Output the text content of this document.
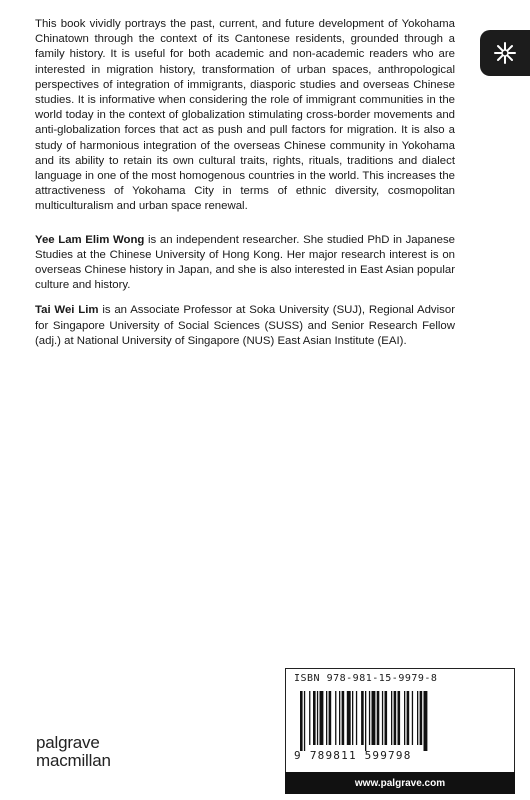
This book vividly portrays the past, current, and future development of Yokohama Chinatown through the context of its Cantonese residents, grounded through a family history. It is useful for both academic and non-academic readers who are interested in migration history, transformation of urban spaces, anthropological perspectives of integration of immigrants, diasporic studies and overseas Chinese studies. It is informative when considering the role of immigrant communities in the world today in the context of globalization stimulating cross-border movements and anti-globalization forces that act as push and pull factors for migration. It is also a study of harmonious integration of the overseas Chinese community in Yokohama and its ability to retain its own cultural traits, rights, rituals, traditions and dialect language in one of the most homogenous countries in the world. This increases the attractiveness of Yokohama City in terms of ethnic diversity, cosmopolitan multiculturalism and urban space renewal.

Yee Lam Elim Wong is an independent researcher. She studied PhD in Japanese Studies at the Chinese University of Hong Kong. Her major research interest is on overseas Chinese history in Japan, and she is also interested in East Asian popular culture and history.

Tai Wei Lim is an Associate Professor at Soka University (SUJ), Regional Advisor for Singapore University of Social Sciences (SUSS) and Senior Research Fellow (adj.) at National University of Singapore (NUS) East Asian Institute (EAI).

ISBN 978-981-15-9979-8
9 789811 599798
www.palgrave.com
palgrave
macmillan
